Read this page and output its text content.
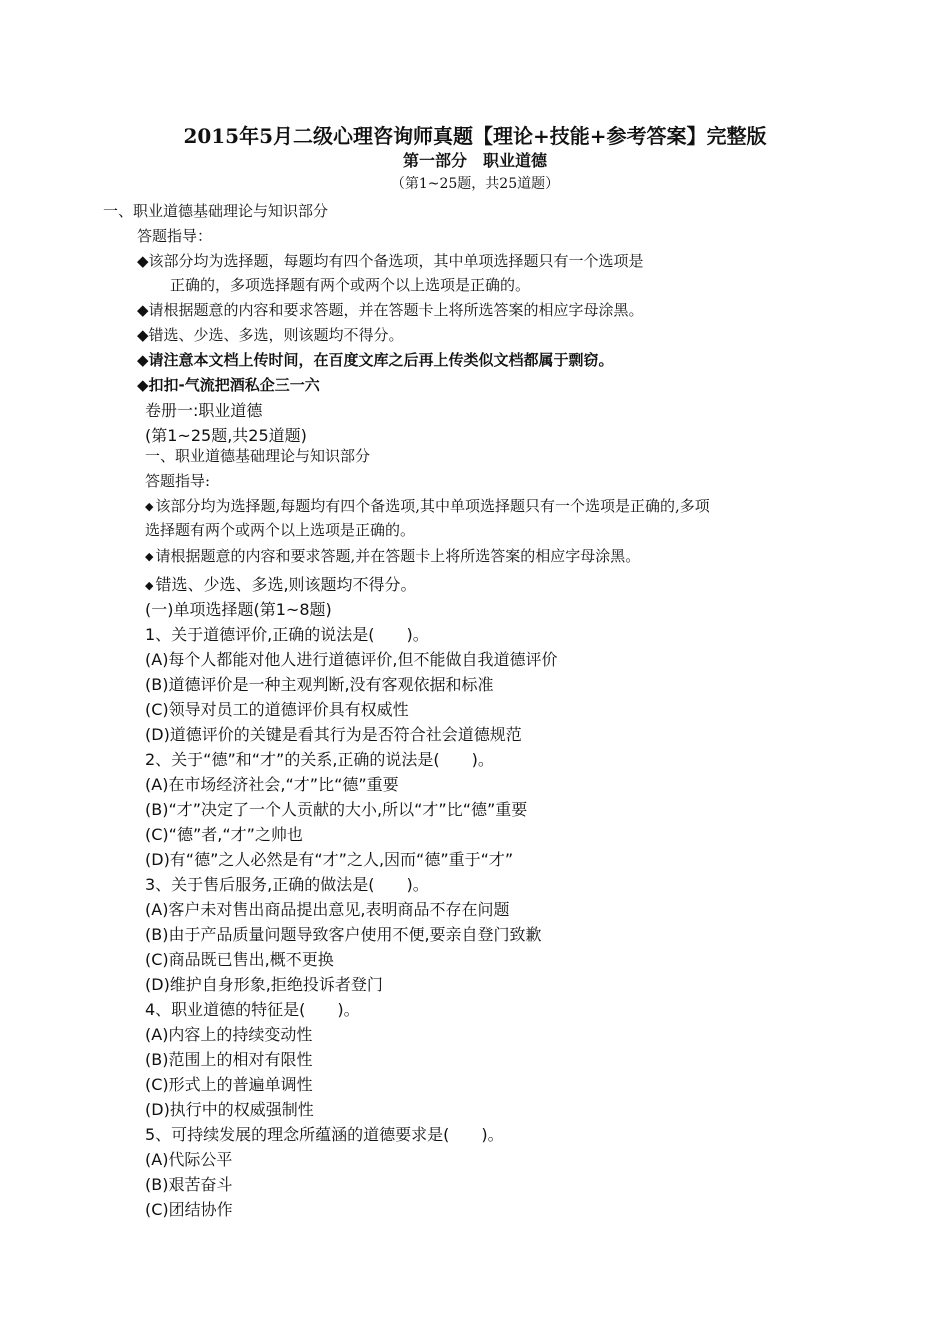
2015年5月二级心理咨询师真题【理论+技能+参考答案】完整版
第一部分　职业道德
（第1~25题，共25道题）
一、职业道德基础理论与知识部分
答题指导：
◆该部分均为选择题，每题均有四个备选项，其中单项选择题只有一个选项是
正确的，多项选择题有两个或两个以上选项是正确的。
◆请根据题意的内容和要求答题，并在答题卡上将所选答案的相应字母涂黑。
◆错选、少选、多选，则该题均不得分。
◆请注意本文档上传时间，在百度文库之后再上传类似文档都属于剽窃。
◆扣扣-气流把酒私企三一六
卷册一:职业道德
(第1~25题,共25道题)
一、职业道德基础理论与知识部分
答题指导:
◆ 该部分均为选择题,每题均有四个备选项,其中单项选择题只有一个选项是正确的,多项
选择题有两个或两个以上选项是正确的。
◆ 请根据题意的内容和要求答题,并在答题卡上将所选答案的相应字母涂黑。
◆ 错选、少选、多选,则该题均不得分。
(一)单项选择题(第1~8题)
1、关于道德评价,正确的说法是(　　)。
(A)每个人都能对他人进行道德评价,但不能做自我道德评价
(B)道德评价是一种主观判断,没有客观依据和标准
(C)领导对员工的道德评价具有权威性
(D)道德评价的关键是看其行为是否符合社会道德规范
2、关于“德”和“才”的关系,正确的说法是(　　)。
(A)在市场经济社会,“才”比“德”重要
(B)“才”决定了一个人贡献的大小,所以“才”比“德”重要
(C)“德”者,“才”之帅也
(D)有“德”之人必然是有“才”之人,因而“德”重于“才”
3、关于售后服务,正确的做法是(　　)。
(A)客户未对售出商品提出意见,表明商品不存在问题
(B)由于产品质量问题导致客户使用不便,要亲自登门致歉
(C)商品既已售出,概不更换
(D)维护自身形象,拒绝投诉者登门
4、职业道德的特征是(　　)。
(A)内容上的持续变动性
(B)范围上的相对有限性
(C)形式上的普遍单调性
(D)执行中的权威强制性
5、可持续发展的理念所蕴涵的道德要求是(　　)。
(A)代际公平
(B)艰苦奋斗
(C)团结协作
